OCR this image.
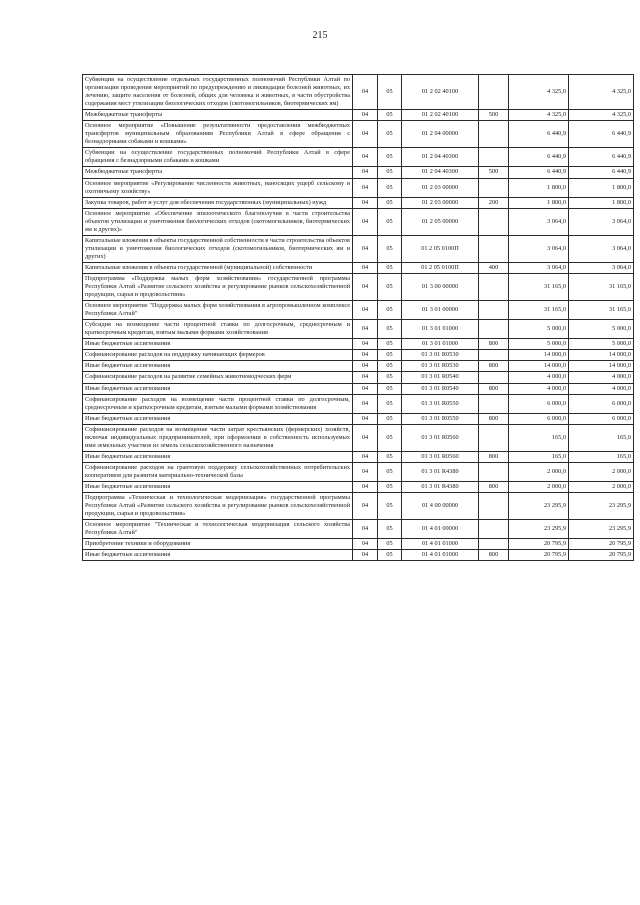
215
Субвенция на осуществление отдельных государственных полномочий Республики Алтай по организации проведения мероприятий по предупреждению и ликвидации болезней животных, их лечению, защите населения от болезней, общих для человека и животных, в части обустройства содержания мест утилизации биологических отходов (скотомогильников, биотермических ям)	04	05	01 2 02 40100		4 325,0	4 325,0
Межбюджетные трансферты	04	05	01 2 02 40100	500	4 325,0	4 325,0
Основное мероприятие «Повышение результативности предоставления межбюджетных трансфертов муниципальным образованиям Республики Алтай в сфере обращения с безнадзорными собаками и кошками»	04	05	01 2 04 00000		6 440,9	6 440,9
Субвенции на осуществление государственных полномочий Республики Алтай в сфере обращения с безнадзорными собаками и кошками	04	05	01 2 04 40300		6 440,9	6 440,9
Межбюджетные трансферты	04	05	01 2 04 40300	500	6 440,9	6 440,9
Основное мероприятие «Регулирование численности животных, наносящих ущерб сельскому и охотничьему хозяйству»	04	05	01 2 03 00000		1 800,0	1 800,0
Закупка товаров, работ и услуг для обеспечения государственных (муниципальных) нужд	04	05	01 2 03 00000	200	1 800,0	1 800,0
Основное мероприятие «Обеспечение эпизоотического благополучия в части строительства объектов утилизации и уничтожения биологических отходов (скотомогильников, биотермических ям и других)»	04	05	01 2 05 00000		3 064,0	3 064,0
Капитальные вложения в объекты государственной собственности в части строительства объектов утилизации и уничтожения биологических отходов (скотомогильников, биотермических ям и других)	04	05	01 2 05 0100П		3 064,0	3 064,0
Капитальные вложения в объекты государственной (муниципальной) собственности	04	05	01 2 05 0100П	400	3 064,0	3 064,0
Подпрограмма «Поддержка малых форм хозяйствования» государственной программы Республики Алтай «Развитие сельского хозяйства и регулирование рынков сельскохозяйственной продукции, сырья и продовольствия»	04	05	01 3 00 00000		31 165,0	31 165,0
Основное мероприятие "Поддержка малых форм хозяйствования в агропромышленном комплексе Республики Алтай"	04	05	01 3 01 00000		31 165,0	31 165,0
Субсидия на возмещение части процентной ставки по долгосрочным, среднесрочным и краткосрочным кредитам, взятым малыми формами хозяйствования	04	05	01 3 01 01000		5 000,0	5 000,0
Иные бюджетные ассигнования	04	05	01 3 01 01000	800	5 000,0	5 000,0
Софинансирование расходов на поддержку начинающих фермеров	04	05	01 3 01 R0530		14 000,0	14 000,0
Иные бюджетные ассигнования	04	05	01 3 01 R0530	800	14 000,0	14 000,0
Софинансирование расходов на развитие семейных животноводческих ферм	04	05	01 3 01 R0540		4 000,0	4 000,0
Иные бюджетные ассигнования	04	05	01 3 01 R0540	800	4 000,0	4 000,0
Софинансирование расходов на возмещение части процентной ставки по долгосрочным, среднесрочным и краткосрочным кредитам, взятым малыми формами хозяйствования	04	05	01 3 01 R0550		6 000,0	6 000,0
Иные бюджетные ассигнования	04	05	01 3 01 R0550	800	6 000,0	6 000,0
Софинансирование расходов на возмещение части затрат крестьянских (фермерских) хозяйств, включая индивидуальных предпринимателей, при оформлении в собственность используемых ими земельных участков из земель сельскохозяйственного назначения	04	05	01 3 01 R0560		165,0	165,0
Иные бюджетные ассигнования	04	05	01 3 01 R0560	800	165,0	165,0
Софинансирование расходов на грантовую поддержку сельскохозяйственных потребительских кооперативов для развития материально-технической базы	04	05	01 3 01 R4380		2 000,0	2 000,0
Иные бюджетные ассигнования	04	05	01 3 01 R4380	800	2 000,0	2 000,0
Подпрограмма «Техническая и технологическая модернизация» государственной программы Республики Алтай «Развитие сельского хозяйства и регулирование рынков сельскохозяйственной продукции, сырья и продовольствия»	04	05	01 4 00 00000		23 295,9	23 295,9
Основное мероприятие "Техническая и технологическая модернизация сельского хозяйства Республики Алтай"	04	05	01 4 01 00000		23 295,9	23 295,9
Приобретение техники и оборудования	04	05	01 4 01 01000		20 795,9	20 795,9
Иные бюджетные ассигнования	04	05	01 4 01 01000	800	20 795,9	20 795,9
